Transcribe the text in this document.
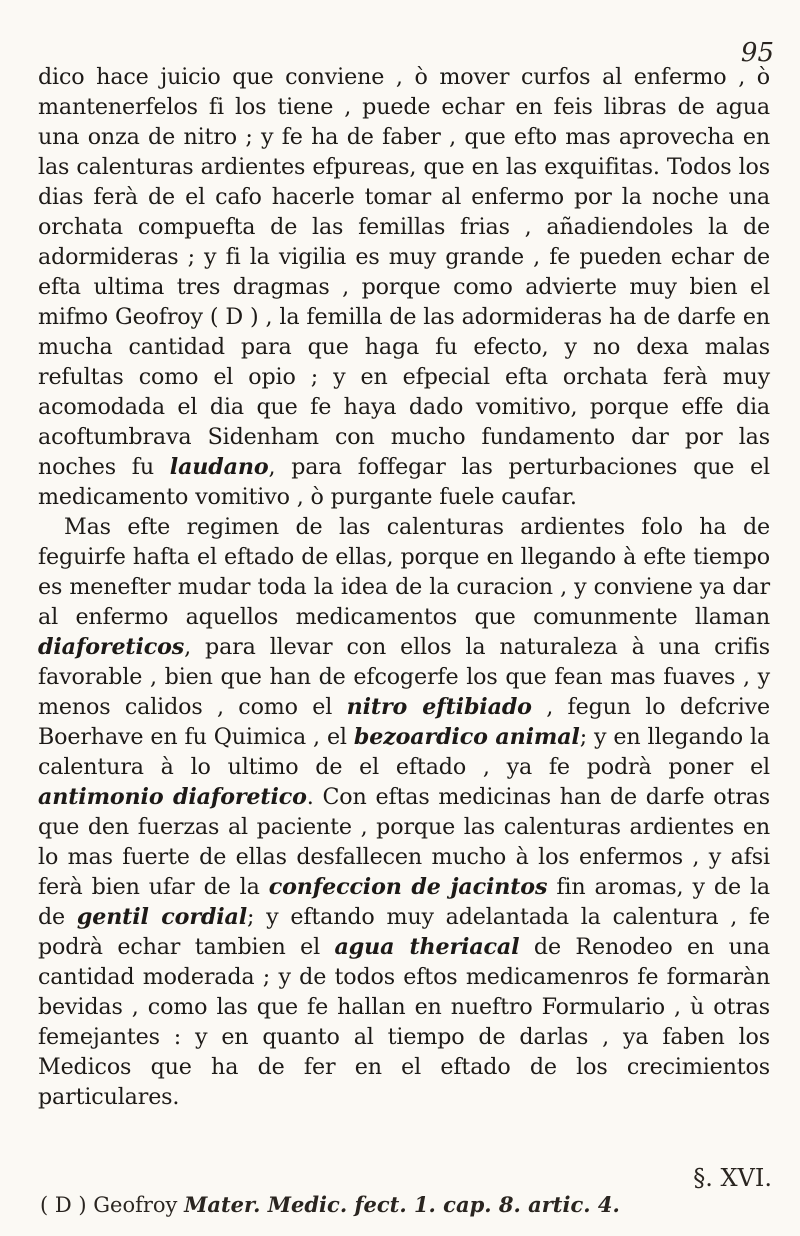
95

dico hace juicio que conviene , ò mover curfos al enfermo , ò mantenerfelos fi los tiene , puede echar en feis libras de agua una onza de nitro ; y fe ha de faber , que efto mas aprovecha en las calenturas ardientes efpureas, que en las exquifitas. Todos los dias ferà de el cafo hacerle tomar al enfermo por la noche una orchata compuefta de las femillas frias , añadiendoles la de adormideras ; y fi la vigilia es muy grande , fe pueden echar de efta ultima tres dragmas , porque como advierte muy bien el mifmo Geofroy ( D ) , la femilla de las adormideras ha de darfe en mucha cantidad para que haga fu efecto, y no dexa malas refultas como el opio ; y en efpecial efta orchata ferà muy acomodada el dia que fe haya dado vomitivo, porque effe dia acoftumbrava Sidenham con mucho fundamento dar por las noches fu laudano, para foffegar las perturbaciones que el medicamento vomitivo , ò purgante fuele caufar.

Mas efte regimen de las calenturas ardientes folo ha de feguirfe hafta el eftado de ellas, porque en llegando à efte tiempo es menefter mudar toda la idea de la curacion , y conviene ya dar al enfermo aquellos medicamentos que comunmente llaman diaforeticos, para llevar con ellos la naturaleza à una crifis favorable , bien que han de efcogerfe los que fean mas fuaves , y menos calidos , como el nitro eftibiado , fegun lo defcrive Boerhave en fu Quimica , el bezoardico animal; y en llegando la calentura à lo ultimo de el eftado , ya fe podrà poner el antimonio diaforetico. Con eftas medicinas han de darfe otras que den fuerzas al paciente , porque las calenturas ardientes en lo mas fuerte de ellas desfallecen mucho à los enfermos , y afsi ferà bien ufar de la confeccion de jacintos fin aromas, y de la de gentil cordial; y eftando muy adelantada la calentura , fe podrà echar tambien el agua theriacal de Renodeo en una cantidad moderada ; y de todos eftos medicamenros fe formaràn bevidas , como las que fe hallan en nueftro Formulario , ù otras femejantes : y en quanto al tiempo de darlas , ya faben los Medicos que ha de fer en el eftado de los crecimientos particulares.

§. XVI.
( D ) Geofroy Mater. Medic. fect. 1. cap. 8. artic. 4.
